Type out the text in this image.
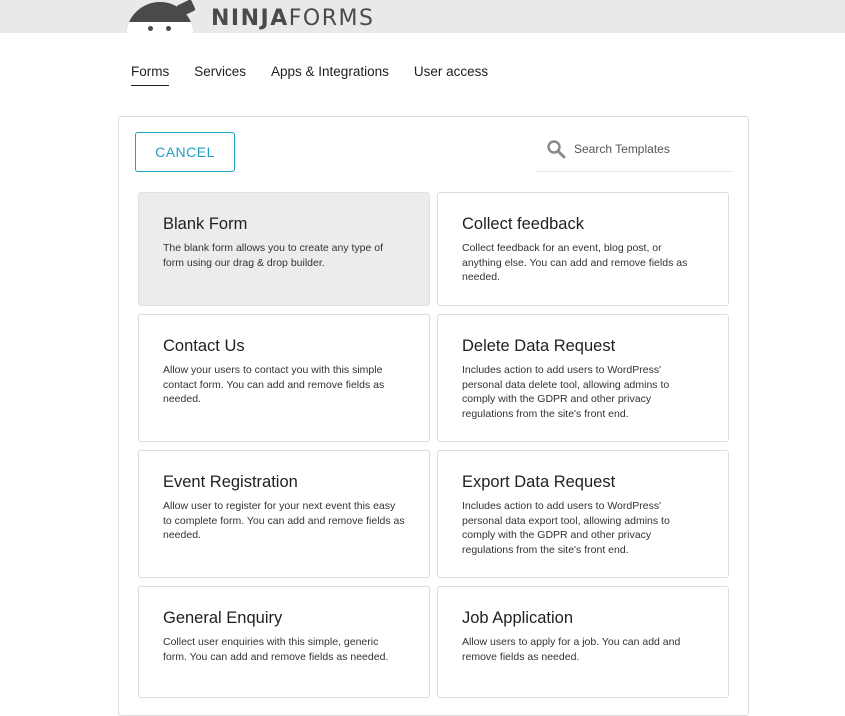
NINJAFORMS
Forms Services Apps & Integrations User access
CANCEL
Search Templates
Blank Form
The blank form allows you to create any type of form using our drag & drop builder.
Collect feedback
Collect feedback for an event, blog post, or anything else. You can add and remove fields as needed.
Contact Us
Allow your users to contact you with this simple contact form. You can add and remove fields as needed.
Delete Data Request
Includes action to add users to WordPress' personal data delete tool, allowing admins to comply with the GDPR and other privacy regulations from the site's front end.
Event Registration
Allow user to register for your next event this easy to complete form. You can add and remove fields as needed.
Export Data Request
Includes action to add users to WordPress' personal data export tool, allowing admins to comply with the GDPR and other privacy regulations from the site's front end.
General Enquiry
Collect user enquiries with this simple, generic form. You can add and remove fields as needed.
Job Application
Allow users to apply for a job. You can add and remove fields as needed.
